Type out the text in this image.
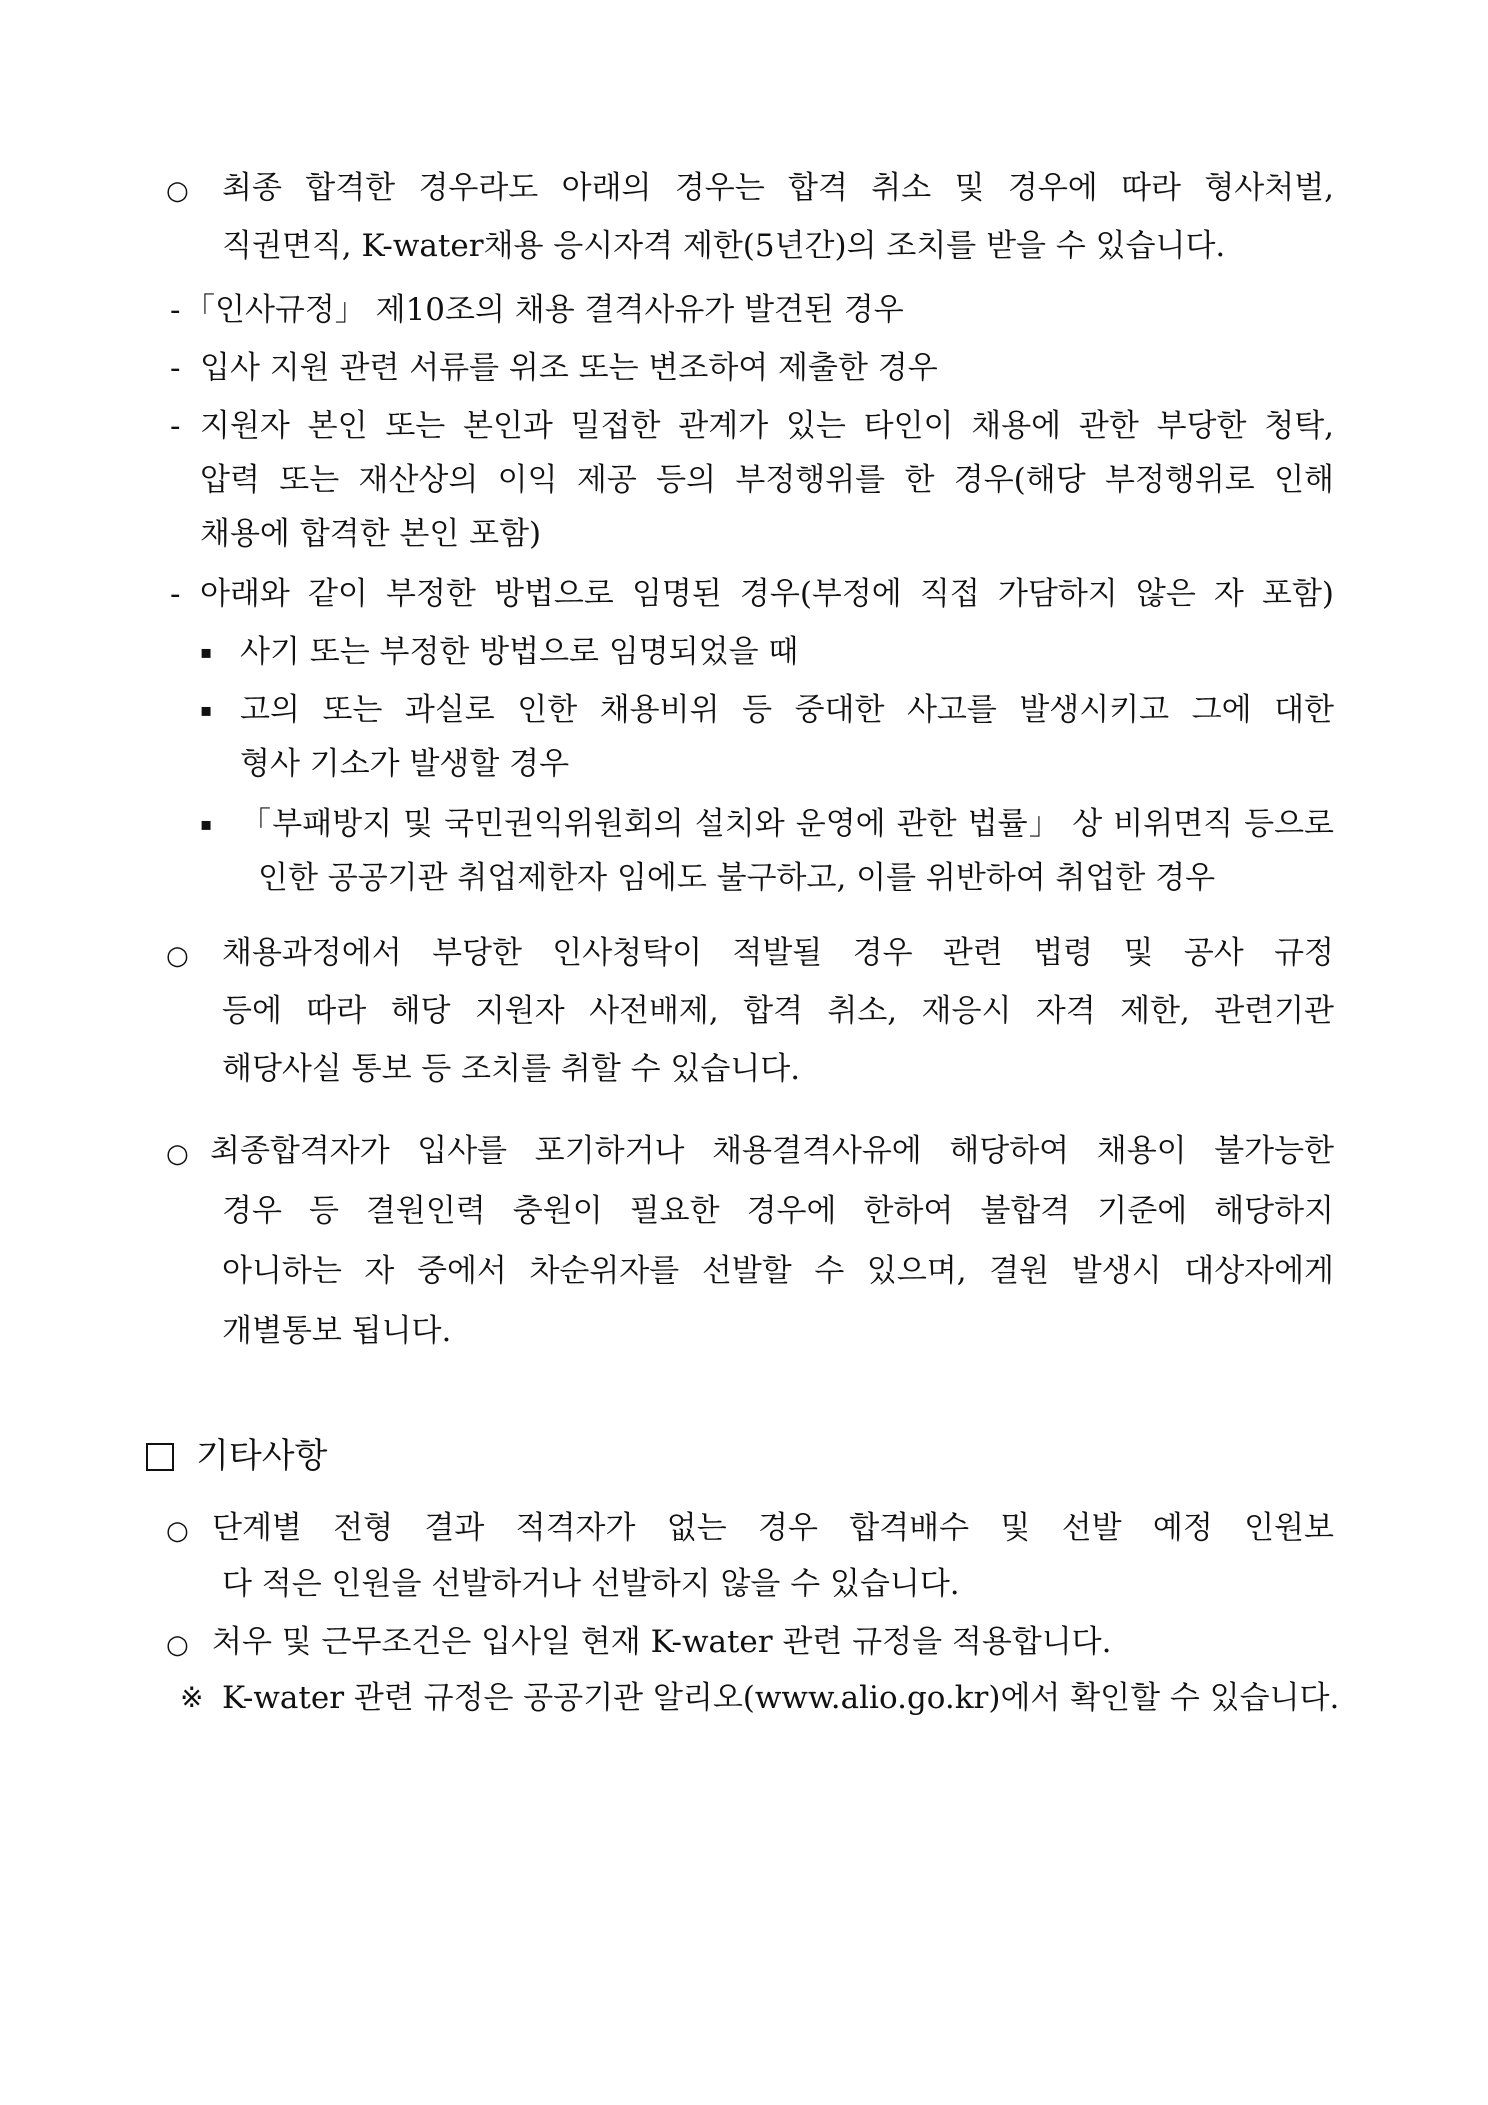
○ 최종 합격한 경우라도 아래의 경우는 합격 취소 및 경우에 따라 형사처벌,
직권면직, K-water채용 응시자격 제한(5년간)의 조치를 받을 수 있습니다.
- 「인사규정」 제10조의 채용 결격사유가 발견된 경우
- 입사 지원 관련 서류를 위조 또는 변조하여 제출한 경우
- 지원자 본인 또는 본인과 밀접한 관계가 있는 타인이 채용에 관한 부당한 청탁,
압력 또는 재산상의 이익 제공 등의 부정행위를 한 경우(해당 부정행위로 인해
채용에 합격한 본인 포함)
- 아래와 같이 부정한 방법으로 임명된 경우(부정에 직접 가담하지 않은 자 포함)
▪ 사기 또는 부정한 방법으로 임명되었을 때
▪ 고의 또는 과실로 인한 채용비위 등 중대한 사고를 발생시키고 그에 대한
형사 기소가 발생할 경우
▪ 「부패방지 및 국민권익위원회의 설치와 운영에 관한 법률」 상 비위면직 등으로
인한 공공기관 취업제한자 임에도 불구하고, 이를 위반하여 취업한 경우
○ 채용과정에서 부당한 인사청탁이 적발될 경우 관련 법령 및 공사 규정
등에 따라 해당 지원자 사전배제, 합격 취소, 재응시 자격 제한, 관련기관
해당사실 통보 등 조치를 취할 수 있습니다.
○ 최종합격자가 입사를 포기하거나 채용결격사유에 해당하여 채용이 불가능한
경우 등 결원인력 충원이 필요한 경우에 한하여 불합격 기준에 해당하지
아니하는 자 중에서 차순위자를 선발할 수 있으며, 결원 발생시 대상자에게
개별통보 됩니다.
기타사항
○ 단계별 전형 결과 적격자가 없는 경우 합격배수 및 선발 예정 인원보
다 적은 인원을 선발하거나 선발하지 않을 수 있습니다.
○ 처우 및 근무조건은 입사일 현재 K-water 관련 규정을 적용합니다.
※ K-water 관련 규정은 공공기관 알리오(www.alio.go.kr)에서 확인할 수 있습니다.
